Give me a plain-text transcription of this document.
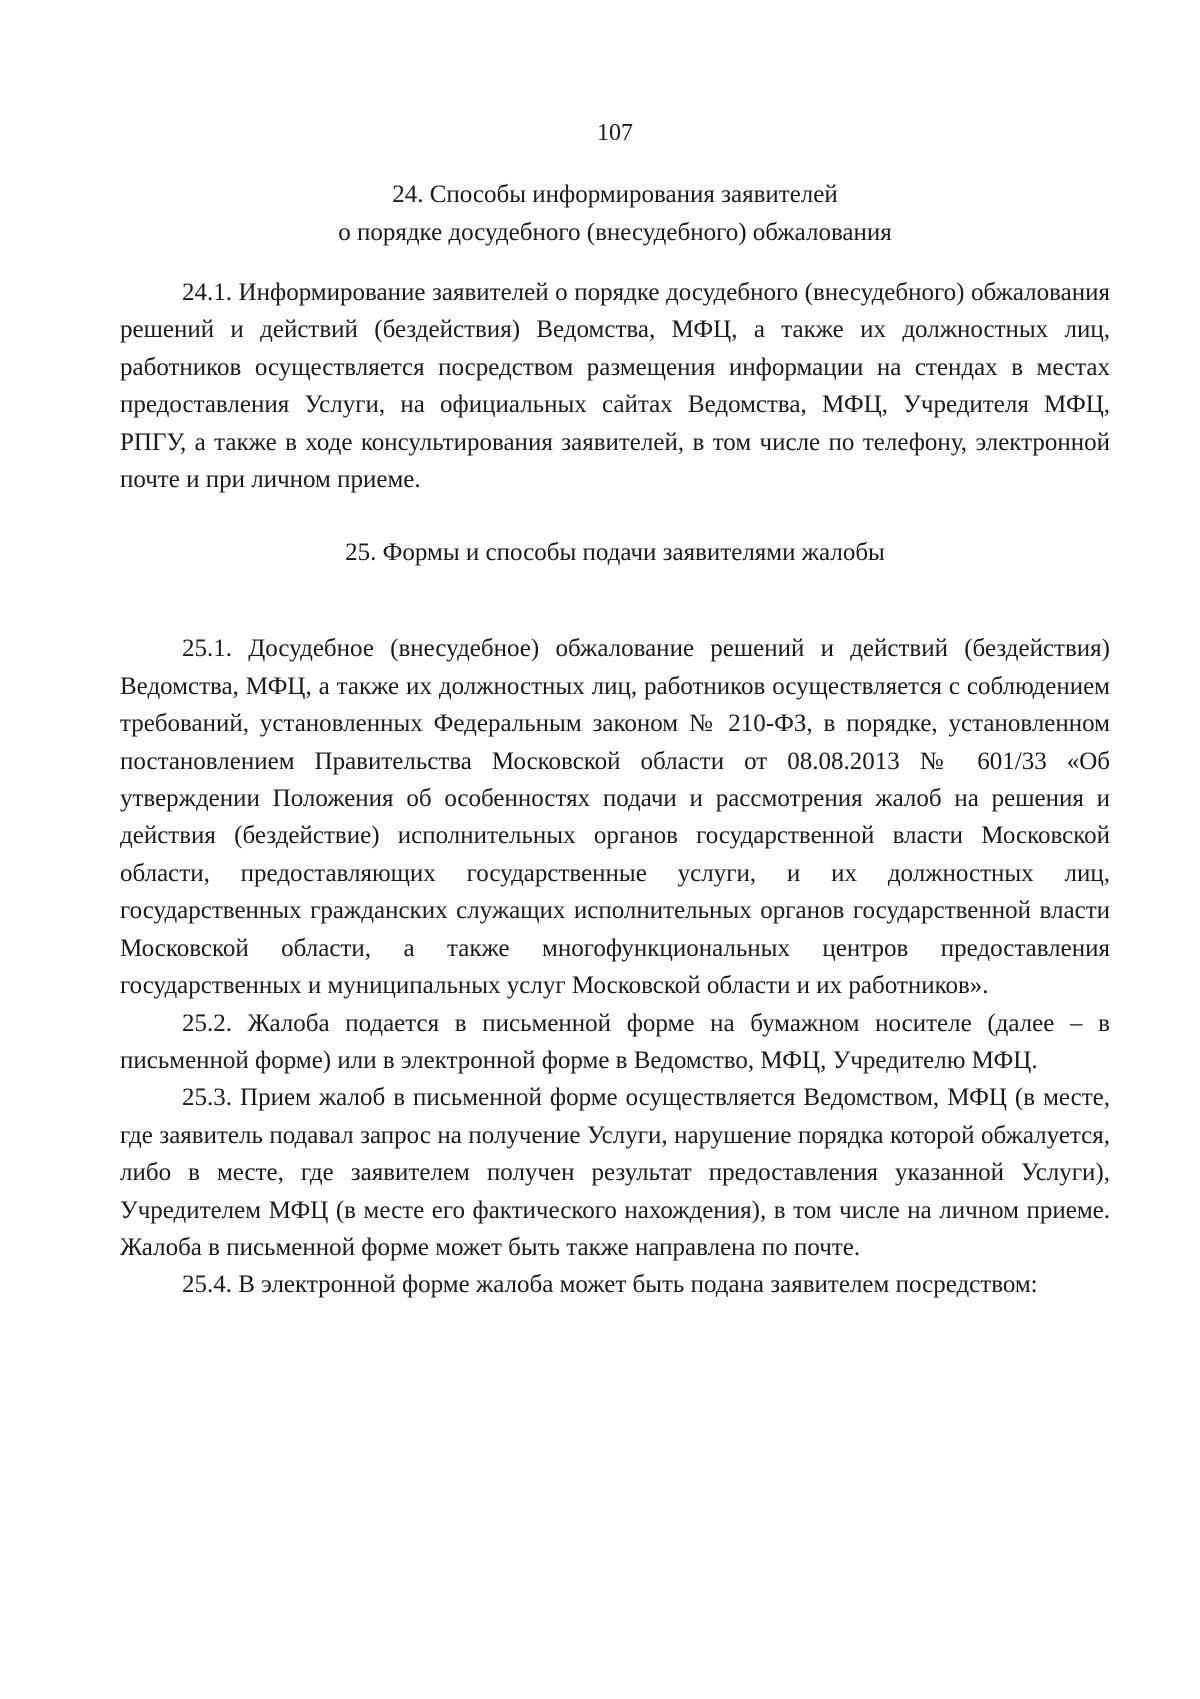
107
24. Способы информирования заявителей
о порядке досудебного (внесудебного) обжалования

24.1. Информирование заявителей о порядке досудебного (внесудебного) обжалования решений и действий (бездействия) Ведомства, МФЦ, а также их должностных лиц, работников осуществляется посредством размещения информации на стендах в местах предоставления Услуги, на официальных сайтах Ведомства, МФЦ, Учредителя МФЦ, РПГУ, а также в ходе консультирования заявителей, в том числе по телефону, электронной почте и при личном приеме.

25. Формы и способы подачи заявителями жалобы

25.1. Досудебное (внесудебное) обжалование решений и действий (бездействия) Ведомства, МФЦ, а также их должностных лиц, работников осуществляется с соблюдением требований, установленных Федеральным законом № 210-ФЗ, в порядке, установленном постановлением Правительства Московской области от 08.08.2013 № 601/33 «Об утверждении Положения об особенностях подачи и рассмотрения жалоб на решения и действия (бездействие) исполнительных органов государственной власти Московской области, предоставляющих государственные услуги, и их должностных лиц, государственных гражданских служащих исполнительных органов государственной власти Московской области, а также многофункциональных центров предоставления государственных и муниципальных услуг Московской области и их работников».

25.2. Жалоба подается в письменной форме на бумажном носителе (далее – в письменной форме) или в электронной форме в Ведомство, МФЦ, Учредителю МФЦ.

25.3. Прием жалоб в письменной форме осуществляется Ведомством, МФЦ (в месте, где заявитель подавал запрос на получение Услуги, нарушение порядка которой обжалуется, либо в месте, где заявителем получен результат предоставления указанной Услуги), Учредителем МФЦ (в месте его фактического нахождения), в том числе на личном приеме. Жалоба в письменной форме может быть также направлена по почте.

25.4. В электронной форме жалоба может быть подана заявителем посредством:
